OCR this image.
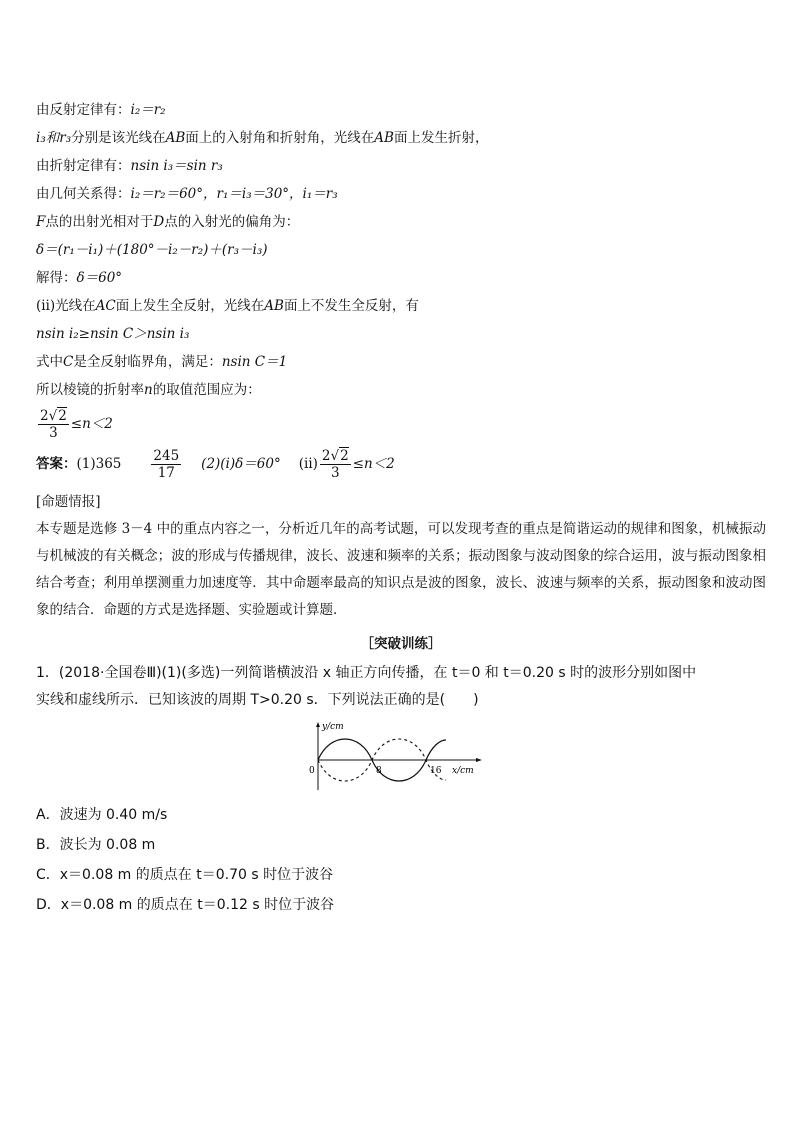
由反射定律有：i₂＝r₂
i₃和r₃分别是该光线在AB面上的入射角和折射角，光线在AB面上发生折射，
由折射定律有：nsin i₃＝sin r₃
由几何关系得：i₂＝r₂＝60°，r₁＝i₃＝30°，i₁＝r₃
F点的出射光相对于D点的入射光的偏角为：
δ＝(r₁－i₁)＋(180°－i₂－r₂)＋(r₃－i₃)
解得：δ＝60°
(ⅱ)光线在AC面上发生全反射，光线在AB面上不发生全反射，有
nsin i₂≥nsin C＞nsin i₃
式中C是全反射临界角，满足：nsin C＝1
所以棱镜的折射率n的取值范围应为：
$\frac{2√2}{3} \le n<2$
答案：$(1)365 \frac{245}{17}$ (2)(ⅰ)δ＝60° (ⅱ) $\frac{2√2}{3} \le n<2$
[命题情报]
本专题是选修 3－4 中的重点内容之一，分析近几年的高考试题，可以发现考查的重点是简谐运动的规律和图象，机械振动与机械波的有关概念；波的形成与传播规律，波长、波速和频率的关系；振动图象与波动图象的综合运用，波与振动图象相结合考查；利用单摆测重力加速度等．其中命题率最高的知识点是波的图象，波长、波速与频率的关系，振动图象和波动图象的结合．命题的方式是选择题、实验题或计算题．
［突破训练］
1．(2018·全国卷Ⅲ)(1)(多选)一列简谐横波沿 x 轴正方向传播，在 t＝0 和 t＝0.20 s 时的波形分别如图中
实线和虚线所示．已知该波的周期 T>0.20 s．下列说法正确的是(　　)
y/cm
x/cm
0	8	16
A．波速为 0.40 m/s
B．波长为 0.08 m
C．x＝0.08 m 的质点在 t＝0.70 s 时位于波谷
D．x＝0.08 m 的质点在 t＝0.12 s 时位于波谷
